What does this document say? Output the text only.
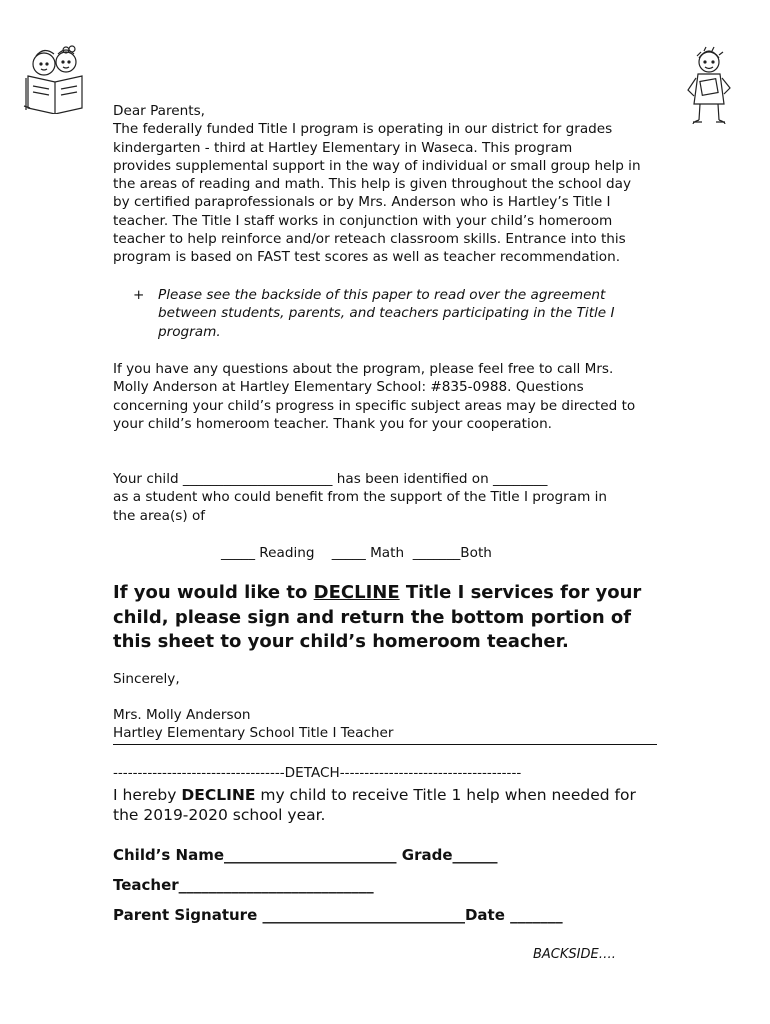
Dear Parents,

The federally funded Title I program is operating in our district for grades

kindergarten - third at Hartley Elementary in Waseca. This program

provides supplemental support in the way of individual or small group help in

the areas of reading and math. This help is given throughout the school day

by certified paraprofessionals or by Mrs. Anderson who is Hartley’s Title I

teacher. The Title I staff works in conjunction with your child’s homeroom

teacher to help reinforce and/or reteach classroom skills. Entrance into this

program is based on FAST test scores as well as teacher recommendation.

+ Please see the backside of this paper to read over the agreement
between students, parents, and teachers participating in the Title I
program.

If you have any questions about the program, please feel free to call Mrs.

Molly Anderson at Hartley Elementary School: #835-0988. Questions

concerning your child’s progress in specific subject areas may be directed to

your child’s homeroom teacher. Thank you for your cooperation.

Your child ______________________ has been identified on ________

as a student who could benefit from the support of the Title I program in

the area(s) of

_____ Reading    _____ Math  _______Both
If you would like to DECLINE Title I services for your child, please sign and return the bottom portion of this sheet to your child’s homeroom teacher.
Sincerely,

Mrs. Molly Anderson

Hartley Elementary School Title I Teacher

-----------------------------------DETACH-------------------------------------
I hereby DECLINE my child to receive Title 1 help when needed for the 2019-2020 school year.
Child’s Name_______________________ Grade______
Teacher__________________________
Parent Signature ___________________________Date _______
BACKSIDE….
